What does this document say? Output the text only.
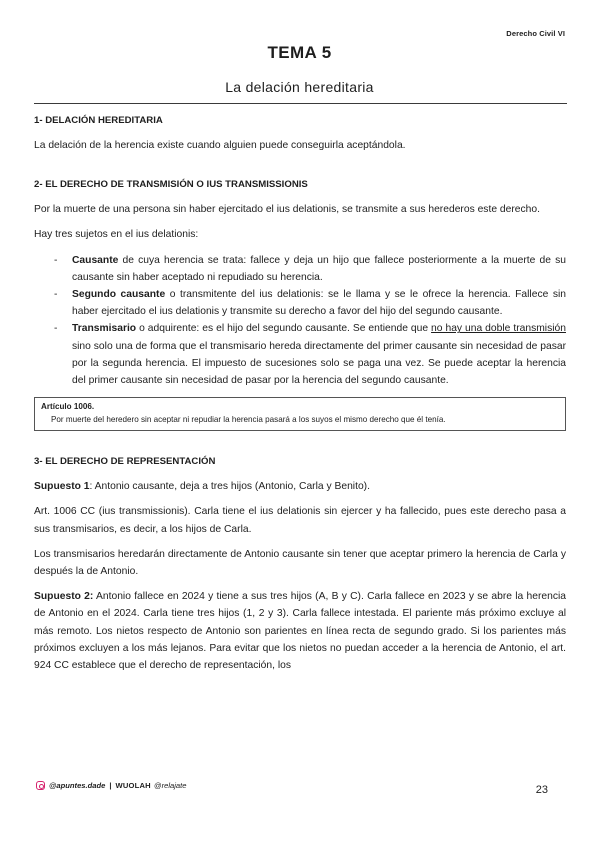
Derecho Civil VI
TEMA 5
La delación hereditaria
1- DELACIÓN HEREDITARIA

La delación de la herencia existe cuando alguien puede conseguirla aceptándola.

2- EL DERECHO DE TRANSMISIÓN O IUS TRANSMISSIONIS

Por la muerte de una persona sin haber ejercitado el ius delationis, se transmite a sus herederos este derecho.

Hay tres sujetos en el ius delationis:

- Causante de cuya herencia se trata: fallece y deja un hijo que fallece posteriormente a la muerte de su causante sin haber aceptado ni repudiado su herencia.
- Segundo causante o transmitente del ius delationis: se le llama y se le ofrece la herencia. Fallece sin haber ejercitado el ius delationis y transmite su derecho a favor del hijo del segundo causante.
- Transmisario o adquirente: es el hijo del segundo causante. Se entiende que no hay una doble transmisión sino solo una de forma que el transmisario hereda directamente del primer causante sin necesidad de pasar por la segunda herencia. El impuesto de sucesiones solo se paga una vez. Se puede aceptar la herencia del primer causante sin necesidad de pasar por la herencia del segundo causante.
Artículo 1006.
Por muerte del heredero sin aceptar ni repudiar la herencia pasará a los suyos el mismo derecho que él tenía.
3- EL DERECHO DE REPRESENTACIÓN

Supuesto 1: Antonio causante, deja a tres hijos (Antonio, Carla y Benito).

Art. 1006 CC (ius transmissionis). Carla tiene el ius delationis sin ejercer y ha fallecido, pues este derecho pasa a sus transmisarios, es decir, a los hijos de Carla.

Los transmisarios heredarán directamente de Antonio causante sin tener que aceptar primero la herencia de Carla y después la de Antonio.

Supuesto 2: Antonio fallece en 2024 y tiene a sus tres hijos (A, B y C). Carla fallece en 2023 y se abre la herencia de Antonio en el 2024. Carla tiene tres hijos (1, 2 y 3). Carla fallece intestada. El pariente más próximo excluye al más remoto. Los nietos respecto de Antonio son parientes en línea recta de segundo grado. Si los parientes más próximos excluyen a los más lejanos. Para evitar que los nietos no puedan acceder a la herencia de Antonio, el art. 924 CC establece que el derecho de representación, los

@apuntes.dade | WUOLAH @relajate	23
